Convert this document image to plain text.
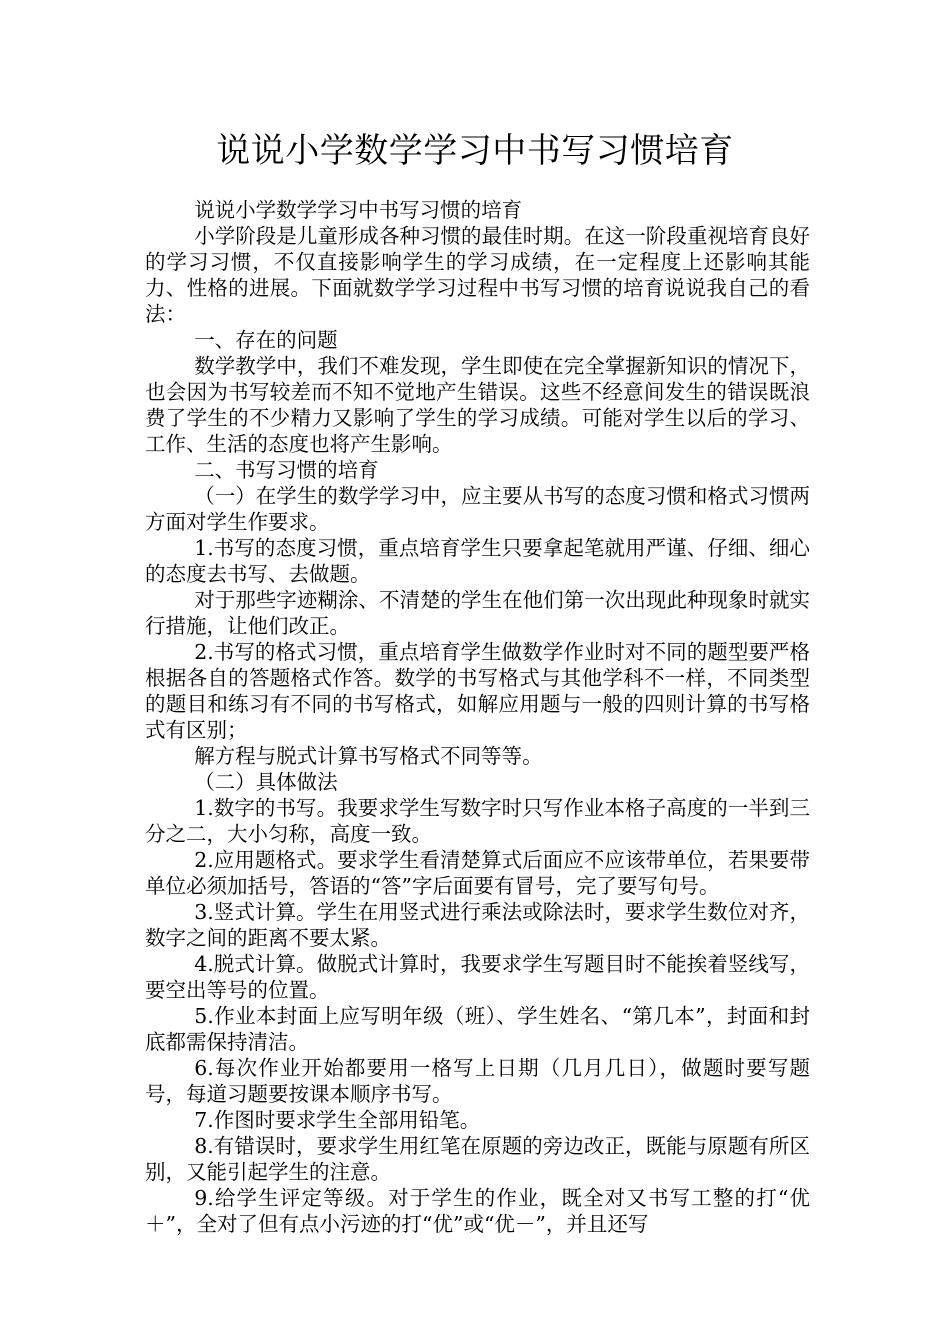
说说小学数学学习中书写习惯培育

说说小学数学学习中书写习惯的培育

小学阶段是儿童形成各种习惯的最佳时期。在这一阶段重视培育良好的学习习惯，不仅直接影响学生的学习成绩，在一定程度上还影响其能力、性格的进展。下面就数学学习过程中书写习惯的培育说说我自己的看法：

一、存在的问题

数学教学中，我们不难发现，学生即使在完全掌握新知识的情况下，也会因为书写较差而不知不觉地产生错误。这些不经意间发生的错误既浪费了学生的不少精力又影响了学生的学习成绩。可能对学生以后的学习、工作、生活的态度也将产生影响。

二、书写习惯的培育

（一）在学生的数学学习中，应主要从书写的态度习惯和格式习惯两方面对学生作要求。

1.书写的态度习惯，重点培育学生只要拿起笔就用严谨、仔细、细心的态度去书写、去做题。

对于那些字迹糊涂、不清楚的学生在他们第一次出现此种现象时就实行措施，让他们改正。

2.书写的格式习惯，重点培育学生做数学作业时对不同的题型要严格根据各自的答题格式作答。数学的书写格式与其他学科不一样，不同类型的题目和练习有不同的书写格式，如解应用题与一般的四则计算的书写格式有区别；

解方程与脱式计算书写格式不同等等。

（二）具体做法

1.数字的书写。我要求学生写数字时只写作业本格子高度的一半到三分之二，大小匀称，高度一致。

2.应用题格式。要求学生看清楚算式后面应不应该带单位，若果要带单位必须加括号，答语的“答”字后面要有冒号，完了要写句号。

3.竖式计算。学生在用竖式进行乘法或除法时，要求学生数位对齐，数字之间的距离不要太紧。

4.脱式计算。做脱式计算时，我要求学生写题目时不能挨着竖线写，要空出等号的位置。

5.作业本封面上应写明年级（班）、学生姓名、“第几本”，封面和封底都需保持清洁。

6.每次作业开始都要用一格写上日期（几月几日），做题时要写题号，每道习题要按课本顺序书写。

7.作图时要求学生全部用铅笔。

8.有错误时，要求学生用红笔在原题的旁边改正，既能与原题有所区别，又能引起学生的注意。

9.给学生评定等级。对于学生的作业，既全对又书写工整的打“优＋”，全对了但有点小污迹的打“优”或“优－”，并且还写
